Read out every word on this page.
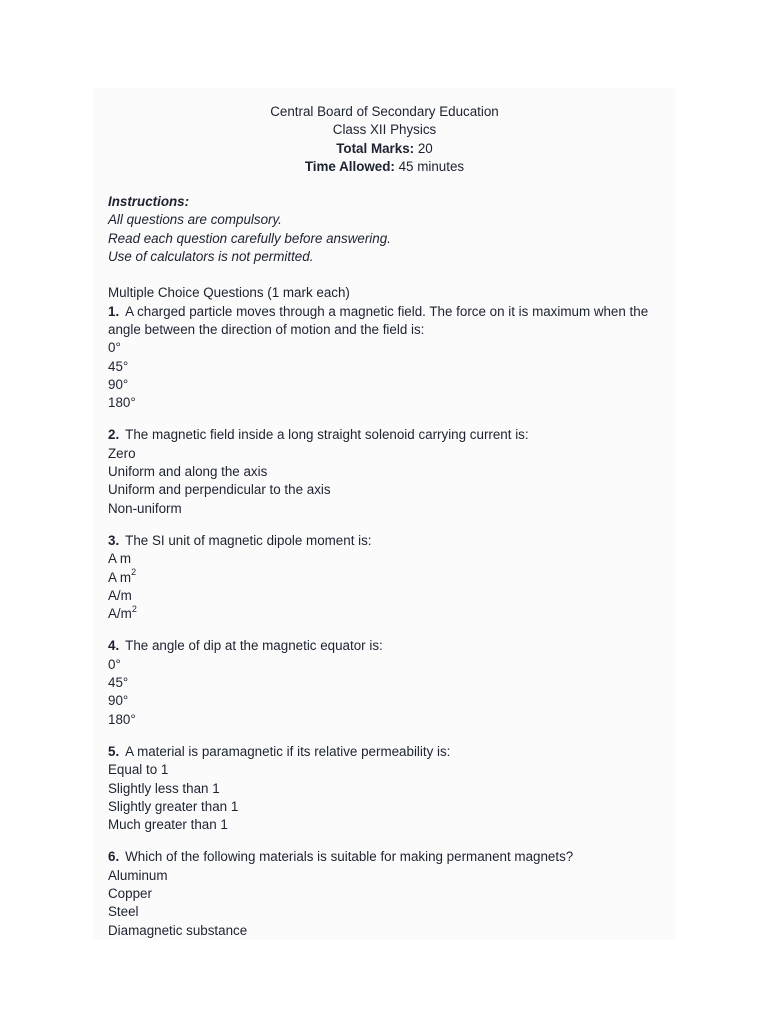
Central Board of Secondary Education
Class XII Physics
Total Marks: 20
Time Allowed: 45 minutes
Instructions:
All questions are compulsory.
Read each question carefully before answering.
Use of calculators is not permitted.
Multiple Choice Questions (1 mark each)
1. A charged particle moves through a magnetic field. The force on it is maximum when the angle between the direction of motion and the field is:
0°
45°
90°
180°
2. The magnetic field inside a long straight solenoid carrying current is:
Zero
Uniform and along the axis
Uniform and perpendicular to the axis
Non-uniform
3. The SI unit of magnetic dipole moment is:
A m
A $m^2$
A/m
$A/m^2$
4. The angle of dip at the magnetic equator is:
0°
45°
90°
180°
5. A material is paramagnetic if its relative permeability is:
Equal to 1
Slightly less than 1
Slightly greater than 1
Much greater than 1
6. Which of the following materials is suitable for making permanent magnets?
Aluminum
Copper
Steel
Diamagnetic substance
